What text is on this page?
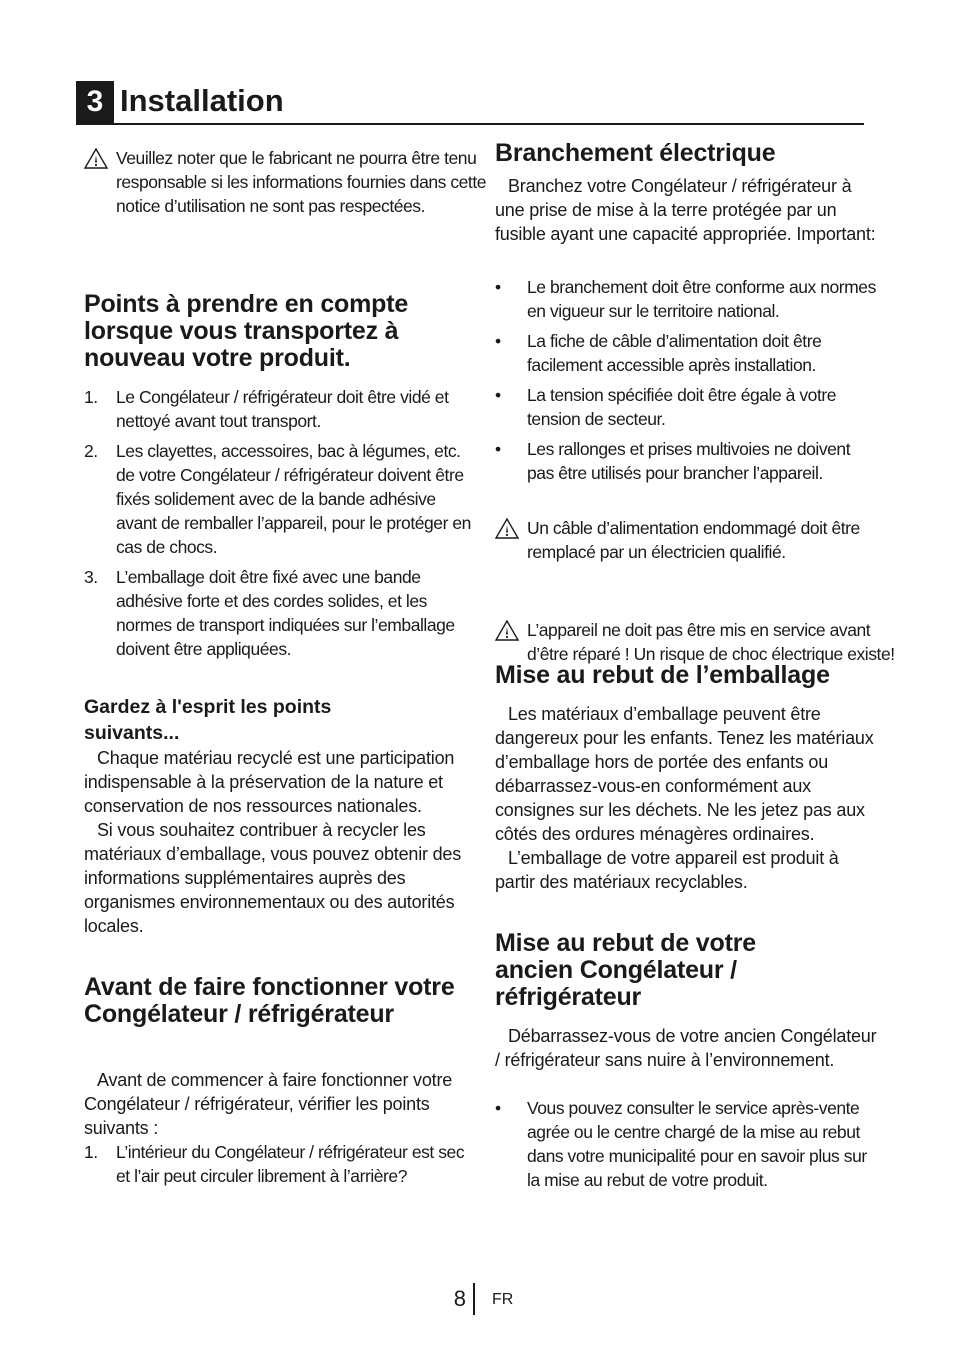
3 Installation
Veuillez noter que le fabricant ne pourra être tenu responsable si les informations fournies dans cette notice d’utilisation ne sont pas respectées.
Points à prendre en compte lorsque vous transportez à nouveau votre produit.
1. Le Congélateur / réfrigérateur doit être vidé et nettoyé avant tout transport.
2. Les clayettes, accessoires, bac à légumes, etc. de votre Congélateur / réfrigérateur doivent être fixés solidement avec de la bande adhésive avant de remballer l’appareil, pour le protéger en cas de chocs.
3. L’emballage doit être fixé avec une bande adhésive forte et des cordes solides, et les normes de transport indiquées sur l’emballage doivent être appliquées.
Gardez à l'esprit les points suivants...

Chaque matériau recyclé est une participation indispensable à la préservation de la nature et conservation de nos ressources nationales.

Si vous souhaitez contribuer à recycler les matériaux d’emballage, vous pouvez obtenir des informations supplémentaires auprès des organismes environnementaux ou des autorités locales.

Avant de faire fonctionner votre Congélateur / réfrigérateur

Avant de commencer à faire fonctionner votre Congélateur / réfrigérateur, vérifier les points suivants :

1. L’intérieur du Congélateur / réfrigérateur est sec et l’air peut circuler librement à l’arrière?
Branchement électrique

Branchez votre Congélateur / réfrigérateur à une prise de mise à la terre protégée par un fusible ayant une capacité appropriée. Important:

• Le branchement doit être conforme aux normes en vigueur sur le territoire national.
• La fiche de câble d’alimentation doit être facilement accessible après installation.
• La tension spécifiée doit être égale à votre tension de secteur.
• Les rallonges et prises multivoies ne doivent pas être utilisés pour brancher l’appareil.
Un câble d’alimentation endommagé doit être remplacé par un électricien qualifié.
L’appareil ne doit pas être mis en service avant d’être réparé ! Un risque de choc électrique existe!
Mise au rebut de l’emballage

Les matériaux d’emballage peuvent être dangereux pour les enfants. Tenez les matériaux d’emballage hors de portée des enfants ou débarrassez-vous-en conformément aux consignes sur les déchets. Ne les jetez pas aux côtés des ordures ménagères ordinaires.

L’emballage de votre appareil est produit à partir des matériaux recyclables.

Mise au rebut de votre ancien Congélateur / réfrigérateur

Débarrassez-vous de votre ancien Congélateur / réfrigérateur sans nuire à l’environnement.

• Vous pouvez consulter le service après-vente agrée ou le centre chargé de la mise au rebut dans votre municipalité pour en savoir plus sur la mise au rebut de votre produit.
8 FR
